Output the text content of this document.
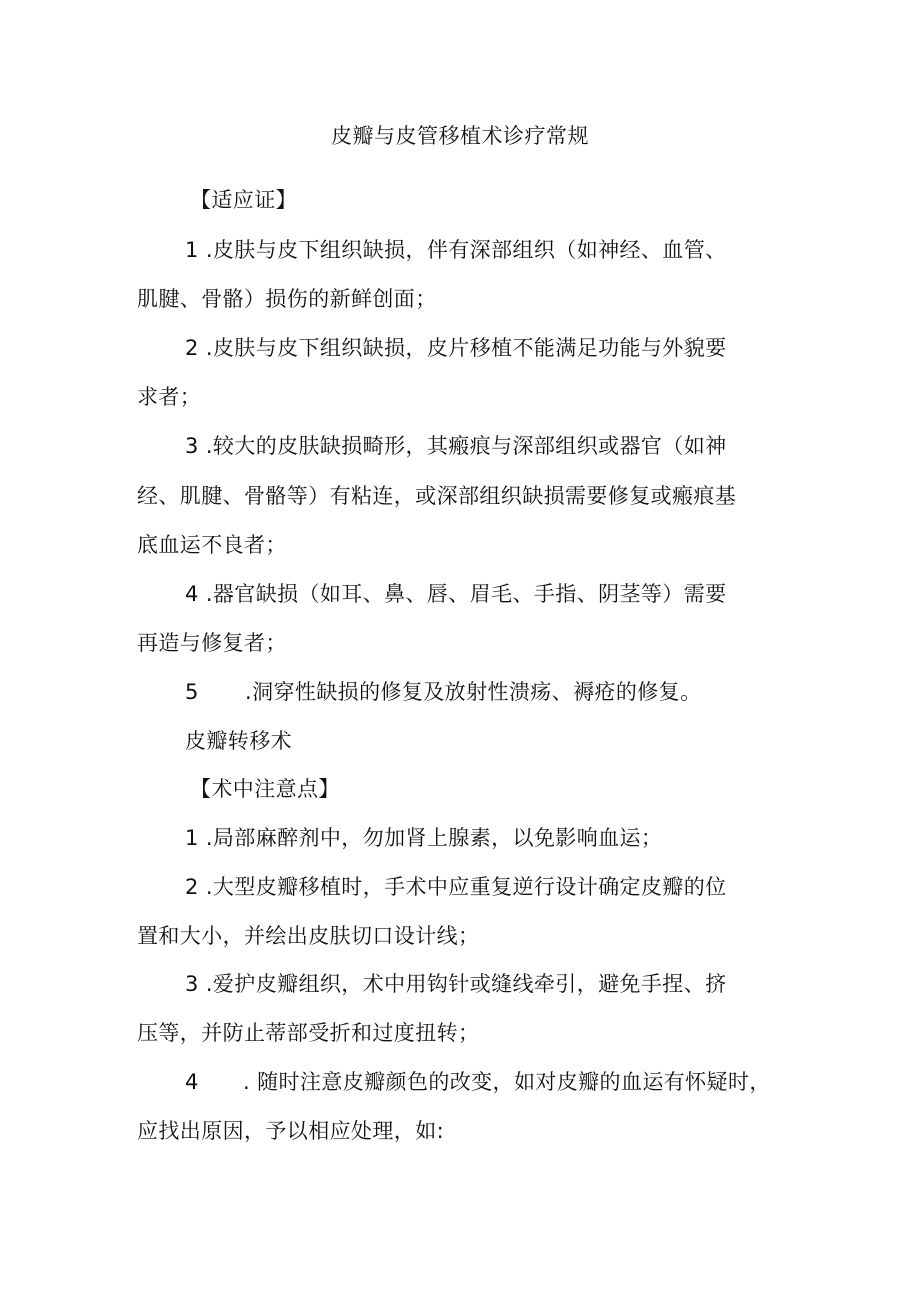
皮瓣与皮管移植术诊疗常规
【适应证】
1 .皮肤与皮下组织缺损，伴有深部组织（如神经、血管、
肌腱、骨骼）损伤的新鲜创面；
2 .皮肤与皮下组织缺损，皮片移植不能满足功能与外貌要
求者；
3 .较大的皮肤缺损畸形，其瘢痕与深部组织或器官（如神
经、肌腱、骨骼等）有粘连，或深部组织缺损需要修复或瘢痕基
底血运不良者；
4 .器官缺损（如耳、鼻、唇、眉毛、手指、阴茎等）需要
再造与修复者；
5 .洞穿性缺损的修复及放射性溃疡、褥疮的修复。
皮瓣转移术
【术中注意点】
1 .局部麻醉剂中，勿加肾上腺素，以免影响血运；
2 .大型皮瓣移植时，手术中应重复逆行设计确定皮瓣的位
置和大小，并绘出皮肤切口设计线；
3 .爱护皮瓣组织，术中用钩针或缝线牵引，避免手捏、挤
压等，并防止蒂部受折和过度扭转；
4 . 随时注意皮瓣颜色的改变，如对皮瓣的血运有怀疑时，
应找出原因，予以相应处理，如:
